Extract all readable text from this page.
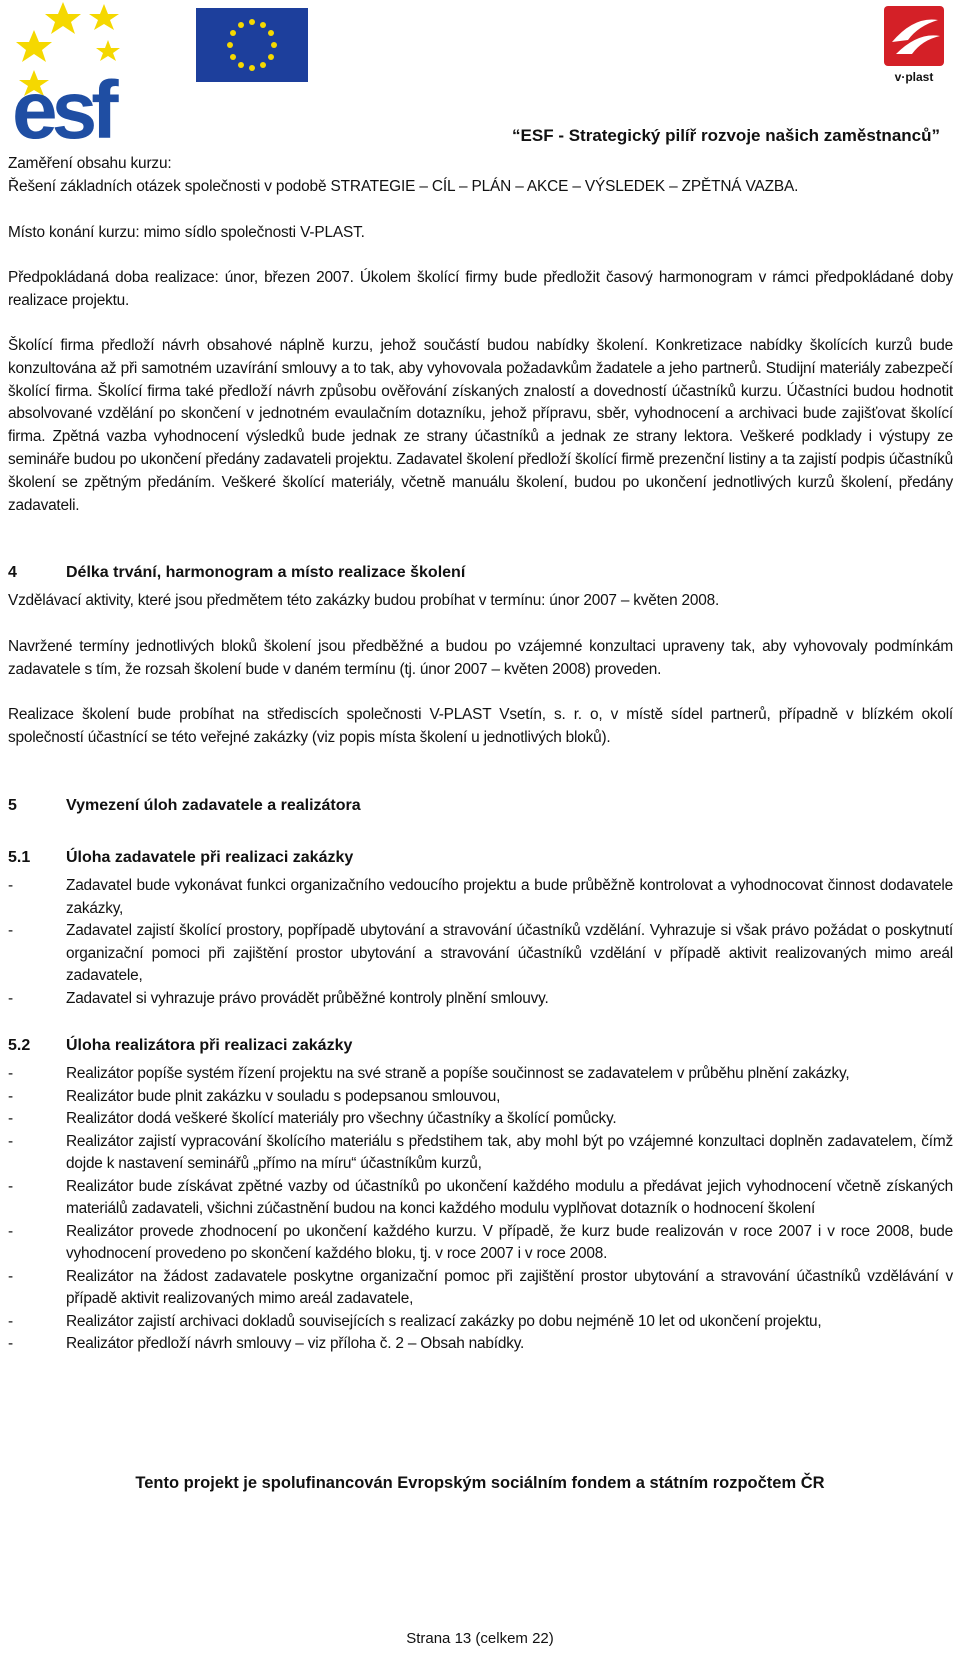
esf	v·plast
“ESF - Strategický pilíř rozvoje našich zaměstnanců”
Zaměření obsahu kurzu:
Řešení základních otázek společnosti v podobě STRATEGIE – CÍL – PLÁN – AKCE – VÝSLEDEK – ZPĚTNÁ VAZBA.
Místo konání kurzu: mimo sídlo společnosti V-PLAST.
Předpokládaná doba realizace: únor, březen 2007. Úkolem školící firmy bude předložit časový harmonogram v rámci předpokládané doby realizace projektu.
Školící firma předloží návrh obsahové náplně kurzu, jehož součástí budou nabídky školení. Konkretizace nabídky školících kurzů bude konzultována až při samotném uzavírání smlouvy a to tak, aby vyhovovala požadavkům žadatele a jeho partnerů. Studijní materiály zabezpečí školící firma. Školící firma také předloží návrh způsobu ověřování získaných znalostí a dovedností účastníků kurzu. Účastníci budou hodnotit absolvované vzdělání po skončení v jednotném evaulačním dotazníku, jehož přípravu, sběr, vyhodnocení a archivaci bude zajišťovat školící firma. Zpětná vazba vyhodnocení výsledků bude jednak ze strany účastníků a jednak ze strany lektora. Veškeré podklady i výstupy ze semináře budou po ukončení předány zadavateli projektu. Zadavatel školení předloží školící firmě prezenční listiny a ta zajistí podpis účastníků školení se zpětným předáním. Veškeré školící materiály, včetně manuálu školení, budou po ukončení jednotlivých kurzů školení, předány zadavateli.
4	Délka trvání, harmonogram a místo realizace školení
Vzdělávací aktivity, které jsou předmětem této zakázky budou probíhat v termínu: únor 2007 – květen 2008.
Navržené termíny jednotlivých bloků školení jsou předběžné a budou po vzájemné konzultaci upraveny tak, aby vyhovovaly podmínkám zadavatele s tím, že rozsah školení bude v daném termínu (tj. únor 2007 – květen 2008) proveden.
Realizace školení bude probíhat na střediscích společnosti V-PLAST Vsetín, s. r. o, v místě sídel partnerů, případně v blízkém okolí společností účastnící se této veřejné zakázky (viz popis místa školení u jednotlivých bloků).
5	Vymezení úloh zadavatele a realizátora
5.1 Úloha zadavatele při realizaci zakázky
-	Zadavatel bude vykonávat funkci organizačního vedoucího projektu a bude průběžně kontrolovat a vyhodnocovat činnost dodavatele zakázky,
-	Zadavatel zajistí školící prostory, popřípadě ubytování a stravování účastníků vzdělání. Vyhrazuje si však právo požádat o poskytnutí organizační pomoci při zajištění prostor ubytování a stravování účastníků vzdělání v případě aktivit realizovaných mimo areál zadavatele,
-	Zadavatel si vyhrazuje právo provádět průběžné kontroly plnění smlouvy.
5.2 Úloha realizátora při realizaci zakázky
-	Realizátor popíše systém řízení projektu na své straně a popíše součinnost se zadavatelem v průběhu plnění zakázky,
-	Realizátor bude plnit zakázku v souladu s podepsanou smlouvou,
-	Realizátor dodá veškeré školící materiály pro všechny účastníky a školící pomůcky.
-	Realizátor zajistí vypracování školícího materiálu s předstihem tak, aby mohl být po vzájemné konzultaci doplněn zadavatelem, čímž dojde k nastavení seminářů „přímo na míru“ účastníkům kurzů,
-	Realizátor bude získávat zpětné vazby od účastníků po ukončení každého modulu a předávat jejich vyhodnocení včetně získaných materiálů zadavateli, všichni zúčastnění budou na konci každého modulu vyplňovat dotazník o hodnocení školení
-	Realizátor provede zhodnocení po ukončení každého kurzu. V případě, že kurz bude realizován v roce 2007 i v roce 2008, bude vyhodnocení provedeno po skončení každého bloku, tj. v roce 2007 i v roce 2008.
-	Realizátor na žádost zadavatele poskytne organizační pomoc při zajištění prostor ubytování a stravování účastníků vzdělávání v případě aktivit realizovaných mimo areál zadavatele,
-	Realizátor zajistí archivaci dokladů souvisejících s realizací zakázky po dobu nejméně 10 let od ukončení projektu,
-	Realizátor předloží návrh smlouvy – viz příloha č. 2 – Obsah nabídky.
Tento projekt je spolufinancován Evropským sociálním fondem a státním rozpočtem ČR
Strana 13 (celkem 22)
